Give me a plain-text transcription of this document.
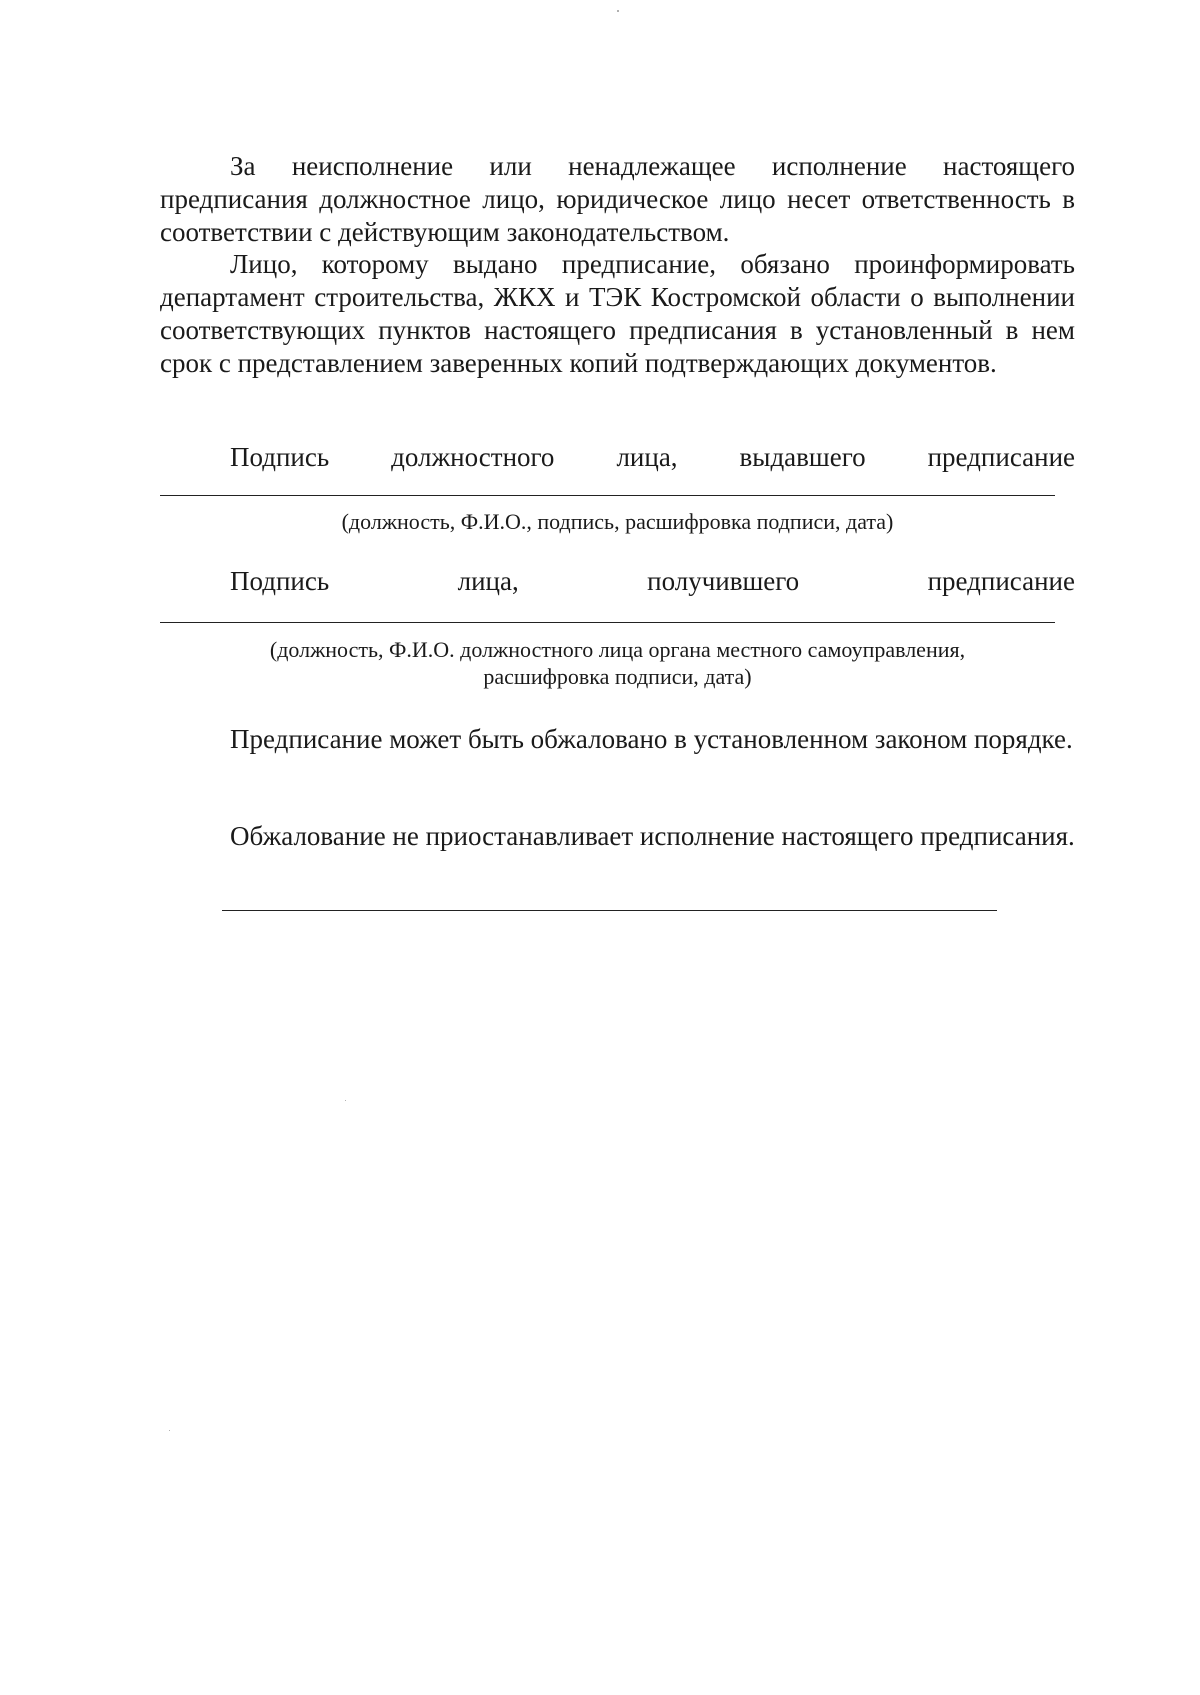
За неисполнение или ненадлежащее исполнение настоящего предписания должностное лицо, юридическое лицо несет ответственность в соответствии с действующим законодательством.

Лицо, которому выдано предписание, обязано проинформировать департамент строительства, ЖКХ и ТЭК Костромской области о выполнении соответствующих пунктов настоящего предписания в установленный в нем срок с представлением заверенных копий подтверждающих документов.

Подпись должностного лица, выдавшего предписание

(должность, Ф.И.О., подпись, расшифровка подписи, дата)

Подпись лица, получившего предписание

(должность, Ф.И.О. должностного лица органа местного самоуправления,

расшифровка подписи, дата)

Предписание может быть обжаловано в установленном законом порядке.

Обжалование не приостанавливает исполнение настоящего предписания.
